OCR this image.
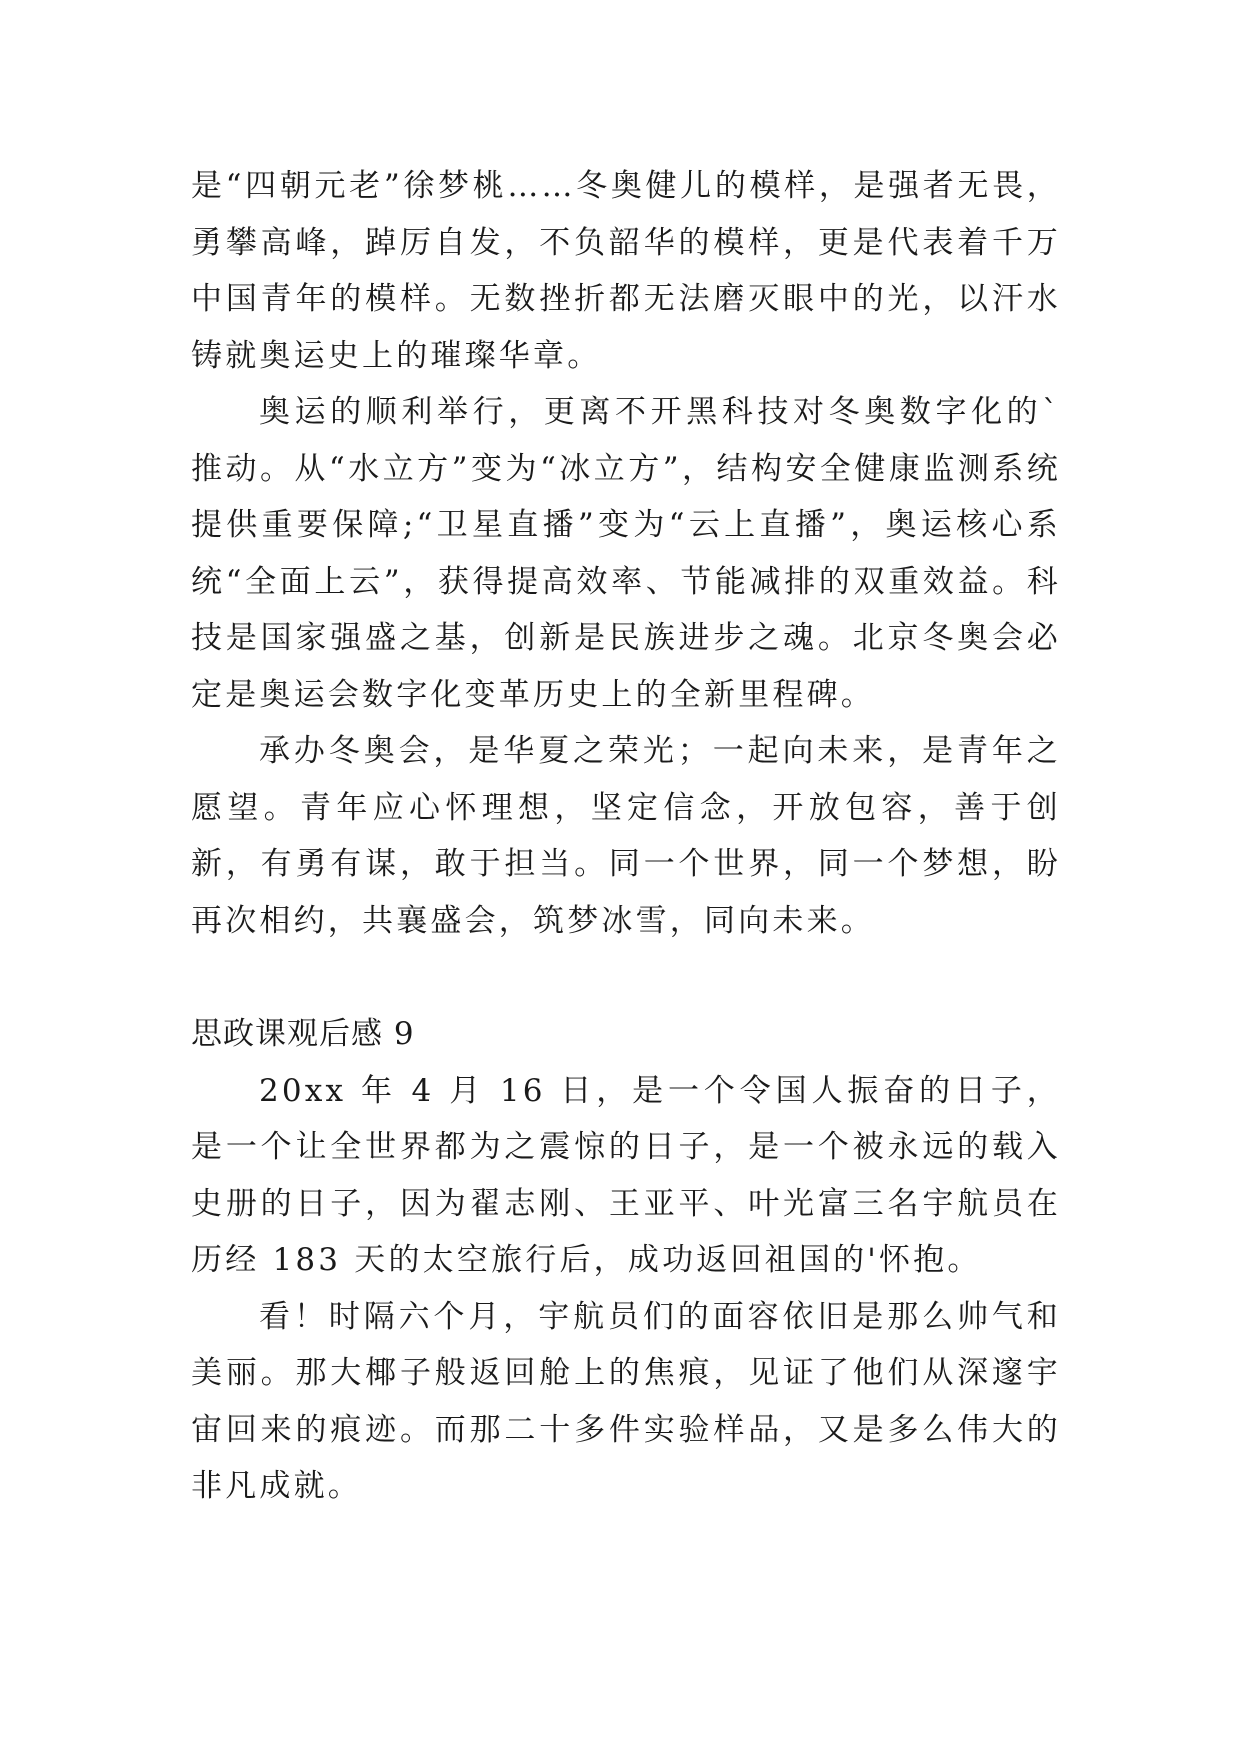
是“四朝元老”徐梦桃……冬奥健儿的模样，是强者无畏，勇攀高峰，踔厉自发，不负韶华的模样，更是代表着千万中国青年的模样。无数挫折都无法磨灭眼中的光，以汗水铸就奥运史上的璀璨华章。

奥运的顺利举行，更离不开黑科技对冬奥数字化的`推动。从“水立方”变为“冰立方”，结构安全健康监测系统提供重要保障;“卫星直播”变为“云上直播”，奥运核心系统“全面上云”，获得提高效率、节能减排的双重效益。科技是国家强盛之基，创新是民族进步之魂。北京冬奥会必定是奥运会数字化变革历史上的全新里程碑。

承办冬奥会，是华夏之荣光；一起向未来，是青年之愿望。青年应心怀理想，坚定信念，开放包容，善于创新，有勇有谋，敢于担当。同一个世界，同一个梦想，盼再次相约，共襄盛会，筑梦冰雪，同向未来。

思政课观后感 9

20xx 年 4 月 16 日，是一个令国人振奋的日子，是一个让全世界都为之震惊的日子，是一个被永远的载入史册的日子，因为翟志刚、王亚平、叶光富三名宇航员在历经 183 天的太空旅行后，成功返回祖国的'怀抱。

看！时隔六个月，宇航员们的面容依旧是那么帅气和美丽。那大椰子般返回舱上的焦痕，见证了他们从深邃宇宙回来的痕迹。而那二十多件实验样品，又是多么伟大的非凡成就。
